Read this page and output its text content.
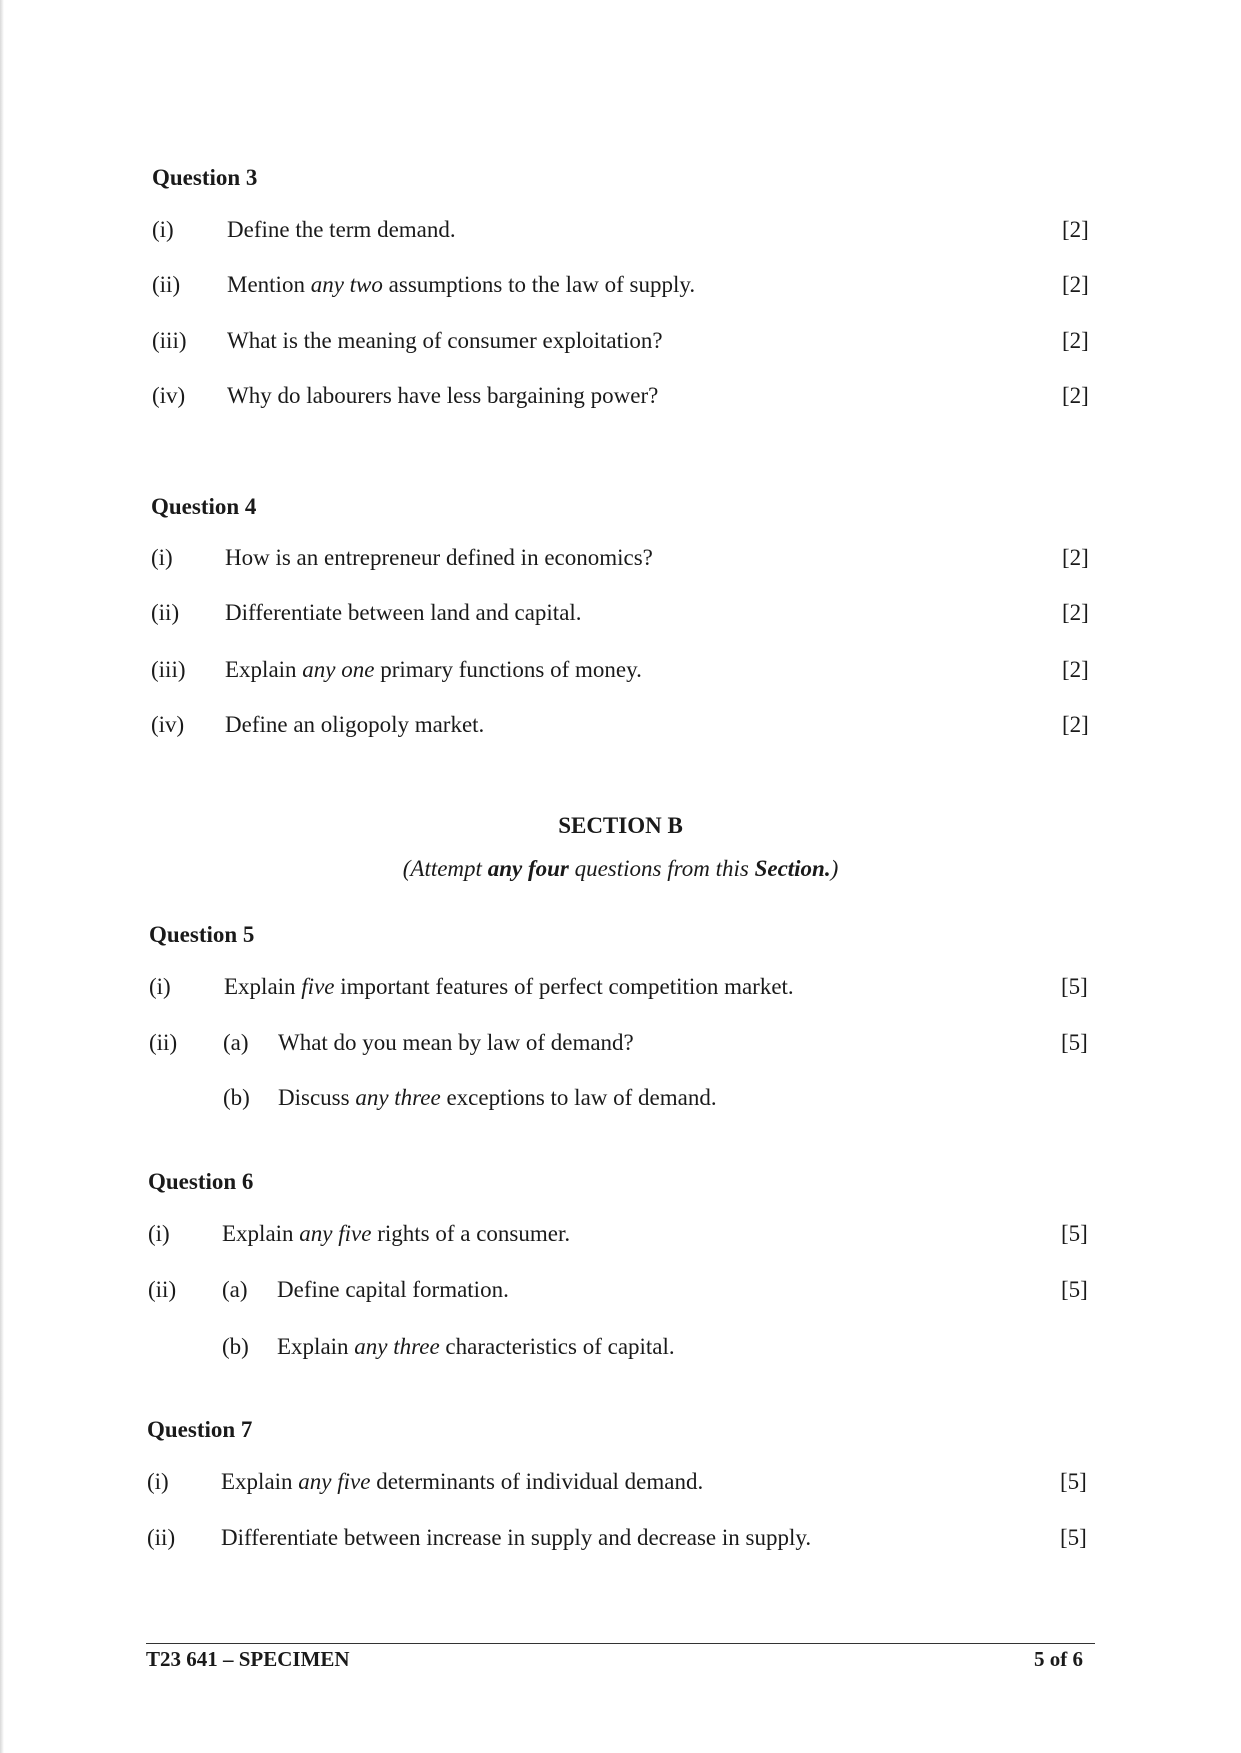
Question 3
(i) Define the term demand.	[2]
(ii) Mention any two assumptions to the law of supply.	[2]
(iii) What is the meaning of consumer exploitation?	[2]
(iv) Why do labourers have less bargaining power?	[2]
Question 4
(i) How is an entrepreneur defined in economics?	[2]
(ii) Differentiate between land and capital.	[2]
(iii) Explain any one primary functions of money.	[2]
(iv) Define an oligopoly market.	[2]
SECTION B
(Attempt any four questions from this Section.)
Question 5
(i) Explain five important features of perfect competition market.	[5]
(ii) (a) What do you mean by law of demand?	[5]
(b) Discuss any three exceptions to law of demand.
Question 6
(i) Explain any five rights of a consumer.	[5]
(ii) (a) Define capital formation.	[5]
(b) Explain any three characteristics of capital.
Question 7
(i) Explain any five determinants of individual demand.	[5]
(ii) Differentiate between increase in supply and decrease in supply.	[5]
T23 641 – SPECIMEN	5 of 6
